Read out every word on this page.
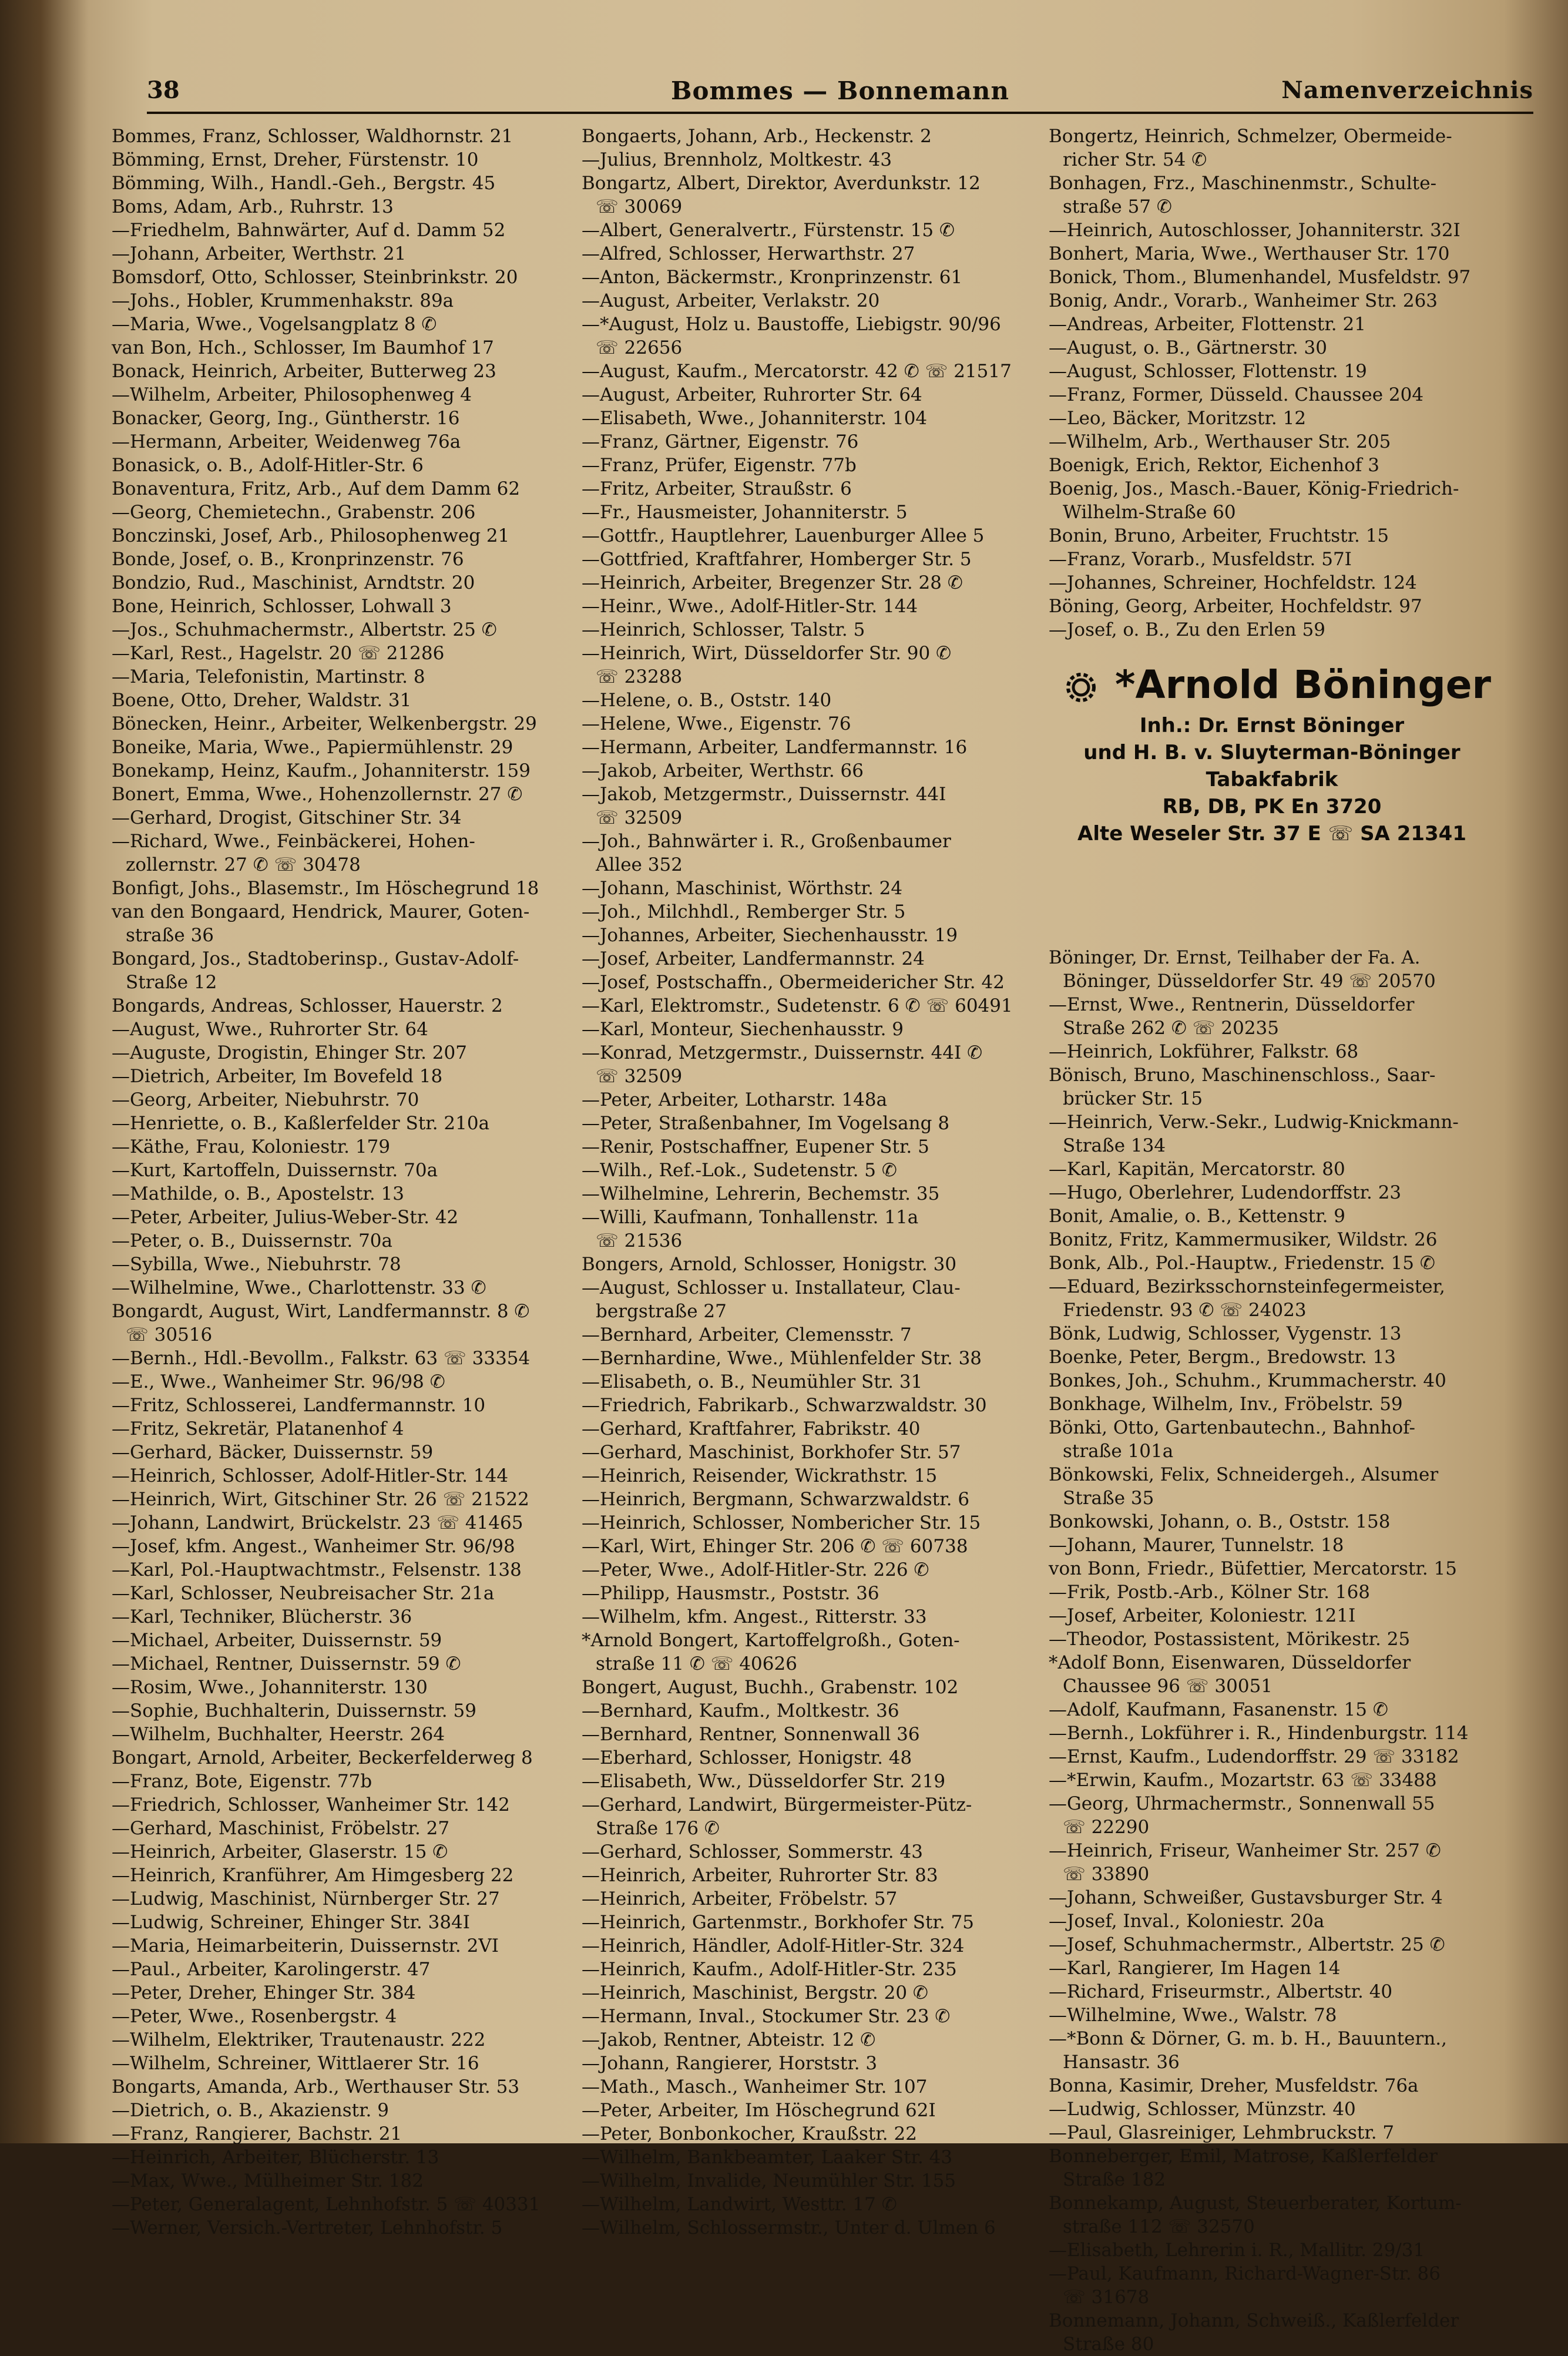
38	Bommes — Bonnemann	Namenverzeichnis
Bommes, Franz, Schlosser, Waldhornstr. 21
Bömming, Ernst, Dreher, Fürstenstr. 10
Bömming, Wilh., Handl.-Geh., Bergstr. 45
Boms, Adam, Arb., Ruhrstr. 13
—Friedhelm, Bahnwärter, Auf d. Damm 52
—Johann, Arbeiter, Werthstr. 21
Bomsdorf, Otto, Schlosser, Steinbrinkstr. 20
—Johs., Hobler, Krummenhakstr. 89a
—Maria, Wwe., Vogelsangplatz 8 ✆
van Bon, Hch., Schlosser, Im Baumhof 17
Bonack, Heinrich, Arbeiter, Butterweg 23
—Wilhelm, Arbeiter, Philosophenweg 4
Bonacker, Georg, Ing., Güntherstr. 16
—Hermann, Arbeiter, Weidenweg 76a
Bonasick, o. B., Adolf-Hitler-Str. 6
Bonaventura, Fritz, Arb., Auf dem Damm 62
—Georg, Chemietechn., Grabenstr. 206
Bonczinski, Josef, Arb., Philosophenweg 21
Bonde, Josef, o. B., Kronprinzenstr. 76
Bondzio, Rud., Maschinist, Arndtstr. 20
Bone, Heinrich, Schlosser, Lohwall 3
—Jos., Schuhmachermstr., Albertstr. 25 ✆
—Karl, Rest., Hagelstr. 20 ☏ 21286
—Maria, Telefonistin, Martinstr. 8
Boene, Otto, Dreher, Waldstr. 31
Bönecken, Heinr., Arbeiter, Welkenbergstr. 29
Boneike, Maria, Wwe., Papiermühlenstr. 29
Bonekamp, Heinz, Kaufm., Johanniterstr. 159
Bonert, Emma, Wwe., Hohenzollernstr. 27 ✆
—Gerhard, Drogist, Gitschiner Str. 34
—Richard, Wwe., Feinbäckerei, Hohen-
zollernstr. 27 ✆ ☏ 30478
Bonfigt, Johs., Blasemstr., Im Höschegrund 18
van den Bongaard, Hendrick, Maurer, Goten-
straße 36
Bongard, Jos., Stadtoberinsp., Gustav-Adolf-
Straße 12
Bongards, Andreas, Schlosser, Hauerstr. 2
—August, Wwe., Ruhrorter Str. 64
—Auguste, Drogistin, Ehinger Str. 207
—Dietrich, Arbeiter, Im Bovefeld 18
—Georg, Arbeiter, Niebuhrstr. 70
—Henriette, o. B., Kaßlerfelder Str. 210a
—Käthe, Frau, Koloniestr. 179
—Kurt, Kartoffeln, Duissernstr. 70a
—Mathilde, o. B., Apostelstr. 13
—Peter, Arbeiter, Julius-Weber-Str. 42
—Peter, o. B., Duissernstr. 70a
—Sybilla, Wwe., Niebuhrstr. 78
—Wilhelmine, Wwe., Charlottenstr. 33 ✆
Bongardt, August, Wirt, Landfermannstr. 8 ✆
☏ 30516
—Bernh., Hdl.-Bevollm., Falkstr. 63 ☏ 33354
—E., Wwe., Wanheimer Str. 96/98 ✆
—Fritz, Schlosserei, Landfermannstr. 10
—Fritz, Sekretär, Platanenhof 4
—Gerhard, Bäcker, Duissernstr. 59
—Heinrich, Schlosser, Adolf-Hitler-Str. 144
—Heinrich, Wirt, Gitschiner Str. 26 ☏ 21522
—Johann, Landwirt, Brückelstr. 23 ☏ 41465
—Josef, kfm. Angest., Wanheimer Str. 96/98
—Karl, Pol.-Hauptwachtmstr., Felsenstr. 138
—Karl, Schlosser, Neubreisacher Str. 21a
—Karl, Techniker, Blücherstr. 36
—Michael, Arbeiter, Duissernstr. 59
—Michael, Rentner, Duissernstr. 59 ✆
—Rosim, Wwe., Johanniterstr. 130
—Sophie, Buchhalterin, Duissernstr. 59
—Wilhelm, Buchhalter, Heerstr. 264
Bongart, Arnold, Arbeiter, Beckerfelderweg 8
—Franz, Bote, Eigenstr. 77b
—Friedrich, Schlosser, Wanheimer Str. 142
—Gerhard, Maschinist, Fröbelstr. 27
—Heinrich, Arbeiter, Glaserstr. 15 ✆
—Heinrich, Kranführer, Am Himgesberg 22
—Ludwig, Maschinist, Nürnberger Str. 27
—Ludwig, Schreiner, Ehinger Str. 384I
—Maria, Heimarbeiterin, Duissernstr. 2VI
—Paul., Arbeiter, Karolingerstr. 47
—Peter, Dreher, Ehinger Str. 384
—Peter, Wwe., Rosenbergstr. 4
—Wilhelm, Elektriker, Trautenaustr. 222
—Wilhelm, Schreiner, Wittlaerer Str. 16
Bongarts, Amanda, Arb., Werthauser Str. 53
—Dietrich, o. B., Akazienstr. 9
—Franz, Rangierer, Bachstr. 21
—Heinrich, Arbeiter, Blücherstr. 13
—Max, Wwe., Mülheimer Str. 182
—Peter, Generalagent, Lehnhofstr. 5 ☏ 40331
—Werner, Versich.-Vertreter, Lehnhofstr. 5
Bongaerts, Johann, Arb., Heckenstr. 2
—Julius, Brennholz, Moltkestr. 43
Bongartz, Albert, Direktor, Averdunkstr. 12
☏ 30069
—Albert, Generalvertr., Fürstenstr. 15 ✆
—Alfred, Schlosser, Herwarthstr. 27
—Anton, Bäckermstr., Kronprinzenstr. 61
—August, Arbeiter, Verlakstr. 20
—*August, Holz u. Baustoffe, Liebigstr. 90/96
☏ 22656
—August, Kaufm., Mercatorstr. 42 ✆ ☏ 21517
—August, Arbeiter, Ruhrorter Str. 64
—Elisabeth, Wwe., Johanniterstr. 104
—Franz, Gärtner, Eigenstr. 76
—Franz, Prüfer, Eigenstr. 77b
—Fritz, Arbeiter, Straußstr. 6
—Fr., Hausmeister, Johanniterstr. 5
—Gottfr., Hauptlehrer, Lauenburger Allee 5
—Gottfried, Kraftfahrer, Homberger Str. 5
—Heinrich, Arbeiter, Bregenzer Str. 28 ✆
—Heinr., Wwe., Adolf-Hitler-Str. 144
—Heinrich, Schlosser, Talstr. 5
—Heinrich, Wirt, Düsseldorfer Str. 90 ✆
☏ 23288
—Helene, o. B., Oststr. 140
—Helene, Wwe., Eigenstr. 76
—Hermann, Arbeiter, Landfermannstr. 16
—Jakob, Arbeiter, Werthstr. 66
—Jakob, Metzgermstr., Duissernstr. 44I
☏ 32509
—Joh., Bahnwärter i. R., Großenbaumer
Allee 352
—Johann, Maschinist, Wörthstr. 24
—Joh., Milchhdl., Remberger Str. 5
—Johannes, Arbeiter, Siechenhausstr. 19
—Josef, Arbeiter, Landfermannstr. 24
—Josef, Postschaffn., Obermeidericher Str. 42
—Karl, Elektromstr., Sudetenstr. 6 ✆ ☏ 60491
—Karl, Monteur, Siechenhausstr. 9
—Konrad, Metzgermstr., Duissernstr. 44I ✆
☏ 32509
—Peter, Arbeiter, Lotharstr. 148a
—Peter, Straßenbahner, Im Vogelsang 8
—Renir, Postschaffner, Eupener Str. 5
—Wilh., Ref.-Lok., Sudetenstr. 5 ✆
—Wilhelmine, Lehrerin, Bechemstr. 35
—Willi, Kaufmann, Tonhallenstr. 11a
☏ 21536
Bongers, Arnold, Schlosser, Honigstr. 30
—August, Schlosser u. Installateur, Clau-
bergstraße 27
—Bernhard, Arbeiter, Clemensstr. 7
—Bernhardine, Wwe., Mühlenfelder Str. 38
—Elisabeth, o. B., Neumühler Str. 31
—Friedrich, Fabrikarb., Schwarzwaldstr. 30
—Gerhard, Kraftfahrer, Fabrikstr. 40
—Gerhard, Maschinist, Borkhofer Str. 57
—Heinrich, Reisender, Wickrathstr. 15
—Heinrich, Bergmann, Schwarzwaldstr. 6
—Heinrich, Schlosser, Nombericher Str. 15
—Karl, Wirt, Ehinger Str. 206 ✆ ☏ 60738
—Peter, Wwe., Adolf-Hitler-Str. 226 ✆
—Philipp, Hausmstr., Poststr. 36
—Wilhelm, kfm. Angest., Ritterstr. 33
*Arnold Bongert, Kartoffelgroßh., Goten-
straße 11 ✆ ☏ 40626
Bongert, August, Buchh., Grabenstr. 102
—Bernhard, Kaufm., Moltkestr. 36
—Bernhard, Rentner, Sonnenwall 36
—Eberhard, Schlosser, Honigstr. 48
—Elisabeth, Ww., Düsseldorfer Str. 219
—Gerhard, Landwirt, Bürgermeister-Pütz-
Straße 176 ✆
—Gerhard, Schlosser, Sommerstr. 43
—Heinrich, Arbeiter, Ruhrorter Str. 83
—Heinrich, Arbeiter, Fröbelstr. 57
—Heinrich, Gartenmstr., Borkhofer Str. 75
—Heinrich, Händler, Adolf-Hitler-Str. 324
—Heinrich, Kaufm., Adolf-Hitler-Str. 235
—Heinrich, Maschinist, Bergstr. 20 ✆
—Hermann, Inval., Stockumer Str. 23 ✆
—Jakob, Rentner, Abteistr. 12 ✆
—Johann, Rangierer, Horststr. 3
—Math., Masch., Wanheimer Str. 107
—Peter, Arbeiter, Im Höschegrund 62I
—Peter, Bonbonkocher, Kraußstr. 22
—Wilhelm, Bankbeamter, Laaker Str. 43
—Wilhelm, Invalide, Neumühler Str. 155
—Wilhelm, Landwirt, Westtr. 17 ✆
—Wilhelm, Schlossermstr., Unter d. Ulmen 6
Bongertz, Heinrich, Schmelzer, Obermeide-
richer Str. 54 ✆
Bonhagen, Frz., Maschinenmstr., Schulte-
straße 57 ✆
—Heinrich, Autoschlosser, Johanniterstr. 32I
Bonhert, Maria, Wwe., Werthauser Str. 170
Bonick, Thom., Blumenhandel, Musfeldstr. 97
Bonig, Andr., Vorarb., Wanheimer Str. 263
—Andreas, Arbeiter, Flottenstr. 21
—August, o. B., Gärtnerstr. 30
—August, Schlosser, Flottenstr. 19
—Franz, Former, Düsseld. Chaussee 204
—Leo, Bäcker, Moritzstr. 12
—Wilhelm, Arb., Werthauser Str. 205
Boenigk, Erich, Rektor, Eichenhof 3
Boenig, Jos., Masch.-Bauer, König-Friedrich-
Wilhelm-Straße 60
Bonin, Bruno, Arbeiter, Fruchtstr. 15
—Franz, Vorarb., Musfeldstr. 57I
—Johannes, Schreiner, Hochfeldstr. 124
Böning, Georg, Arbeiter, Hochfeldstr. 97
—Josef, o. B., Zu den Erlen 59
*Arnold Böninger
Inh.: Dr. Ernst Böninger
und H. B. v. Sluyterman-Böninger
Tabakfabrik
RB, DB, PK En 3720
Alte Weseler Str. 37 E ☏ SA 21341
Böninger, Dr. Ernst, Teilhaber der Fa. A.
Böninger, Düsseldorfer Str. 49 ☏ 20570
—Ernst, Wwe., Rentnerin, Düsseldorfer
Straße 262 ✆ ☏ 20235
—Heinrich, Lokführer, Falkstr. 68
Bönisch, Bruno, Maschinenschloss., Saar-
brücker Str. 15
—Heinrich, Verw.-Sekr., Ludwig-Knickmann-
Straße 134
—Karl, Kapitän, Mercatorstr. 80
—Hugo, Oberlehrer, Ludendorffstr. 23
Bonit, Amalie, o. B., Kettenstr. 9
Bonitz, Fritz, Kammermusiker, Wildstr. 26
Bonk, Alb., Pol.-Hauptw., Friedenstr. 15 ✆
—Eduard, Bezirksschornsteinfegermeister,
Friedenstr. 93 ✆ ☏ 24023
Bönk, Ludwig, Schlosser, Vygenstr. 13
Boenke, Peter, Bergm., Bredowstr. 13
Bonkes, Joh., Schuhm., Krummacherstr. 40
Bonkhage, Wilhelm, Inv., Fröbelstr. 59
Bönki, Otto, Gartenbautechn., Bahnhof-
straße 101a
Bönkowski, Felix, Schneidergeh., Alsumer
Straße 35
Bonkowski, Johann, o. B., Oststr. 158
—Johann, Maurer, Tunnelstr. 18
von Bonn, Friedr., Büfettier, Mercatorstr. 15
—Frik, Postb.-Arb., Kölner Str. 168
—Josef, Arbeiter, Koloniestr. 121I
—Theodor, Postassistent, Mörikestr. 25
*Adolf Bonn, Eisenwaren, Düsseldorfer
Chaussee 96 ☏ 30051
—Adolf, Kaufmann, Fasanenstr. 15 ✆
—Bernh., Lokführer i. R., Hindenburgstr. 114
—Ernst, Kaufm., Ludendorffstr. 29 ☏ 33182
—*Erwin, Kaufm., Mozartstr. 63 ☏ 33488
—Georg, Uhrmachermstr., Sonnenwall 55
☏ 22290
—Heinrich, Friseur, Wanheimer Str. 257 ✆
☏ 33890
—Johann, Schweißer, Gustavsburger Str. 4
—Josef, Inval., Koloniestr. 20a
—Josef, Schuhmachermstr., Albertstr. 25 ✆
—Karl, Rangierer, Im Hagen 14
—Richard, Friseurmstr., Albertstr. 40
—Wilhelmine, Wwe., Walstr. 78
—*Bonn & Dörner, G. m. b. H., Bauuntern.,
Hansastr. 36
Bonna, Kasimir, Dreher, Musfeldstr. 76a
—Ludwig, Schlosser, Münzstr. 40
—Paul, Glasreiniger, Lehmbruckstr. 7
Bonneberger, Emil, Matrose, Kaßlerfelder
Straße 182
Bonnekamp, August, Steuerberater, Kortum-
straße 112 ☏ 32570
—Elisabeth, Lehrerin i. R., Mallitr. 29/31
—Paul, Kaufmann, Richard-Wagner-Str. 86
☏ 31678
Bonnemann, Johann, Schweiß., Kaßlerfelder
Straße 80
